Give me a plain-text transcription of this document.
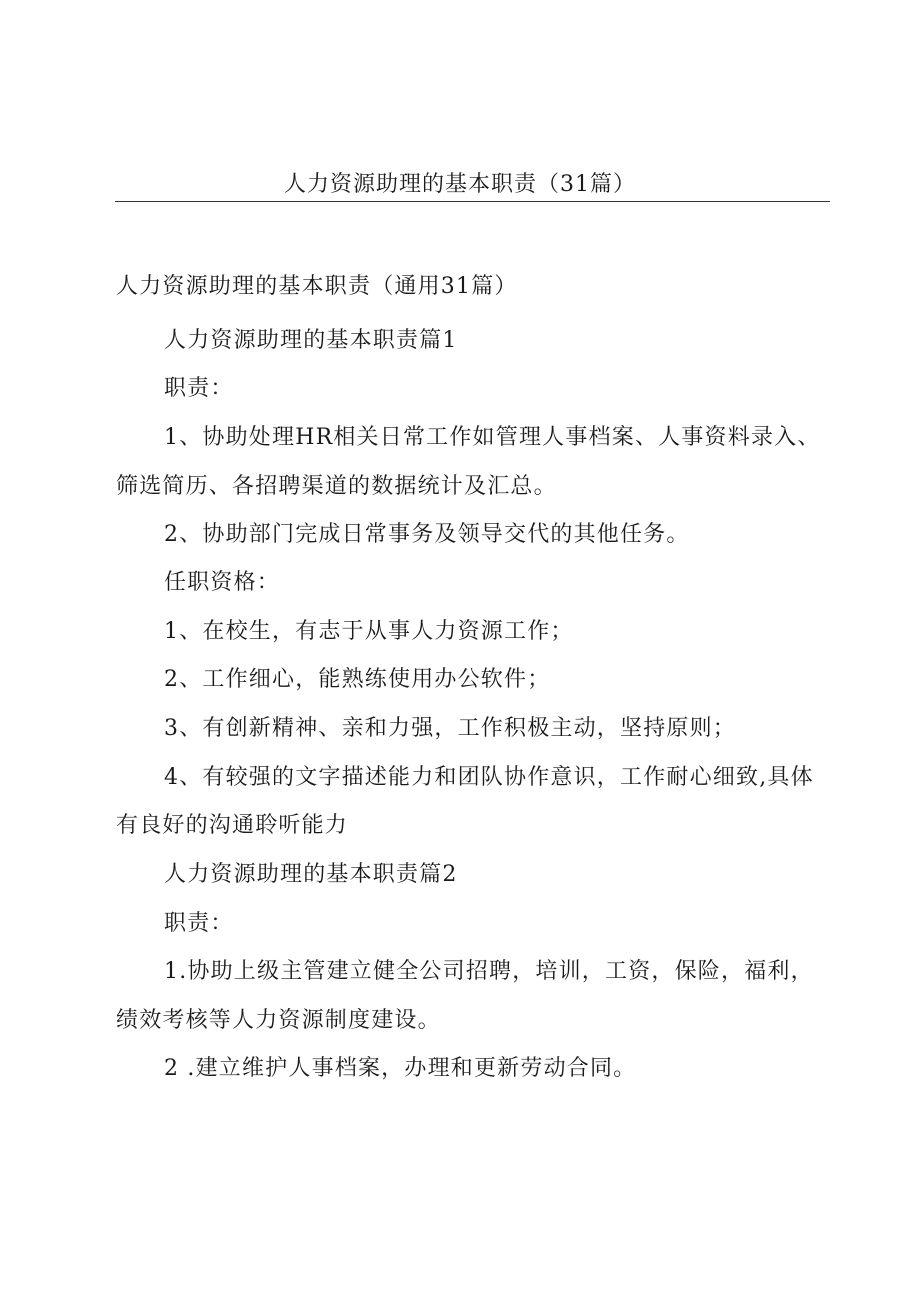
人力资源助理的基本职责（31篇）
人力资源助理的基本职责（通用31篇）
人力资源助理的基本职责篇1
职责：
1、协助处理HR相关日常工作如管理人事档案、人事资料录入、
筛选简历、各招聘渠道的数据统计及汇总。
2、协助部门完成日常事务及领导交代的其他任务。
任职资格：
1、在校生，有志于从事人力资源工作；
2、工作细心，能熟练使用办公软件；
3、有创新精神、亲和力强，工作积极主动，坚持原则；
4、有较强的文字描述能力和团队协作意识，工作耐心细致,具体
有良好的沟通聆听能力
人力资源助理的基本职责篇2
职责：
1.协助上级主管建立健全公司招聘，培训，工资，保险，福利，
绩效考核等人力资源制度建设。
2 .建立维护人事档案，办理和更新劳动合同。
